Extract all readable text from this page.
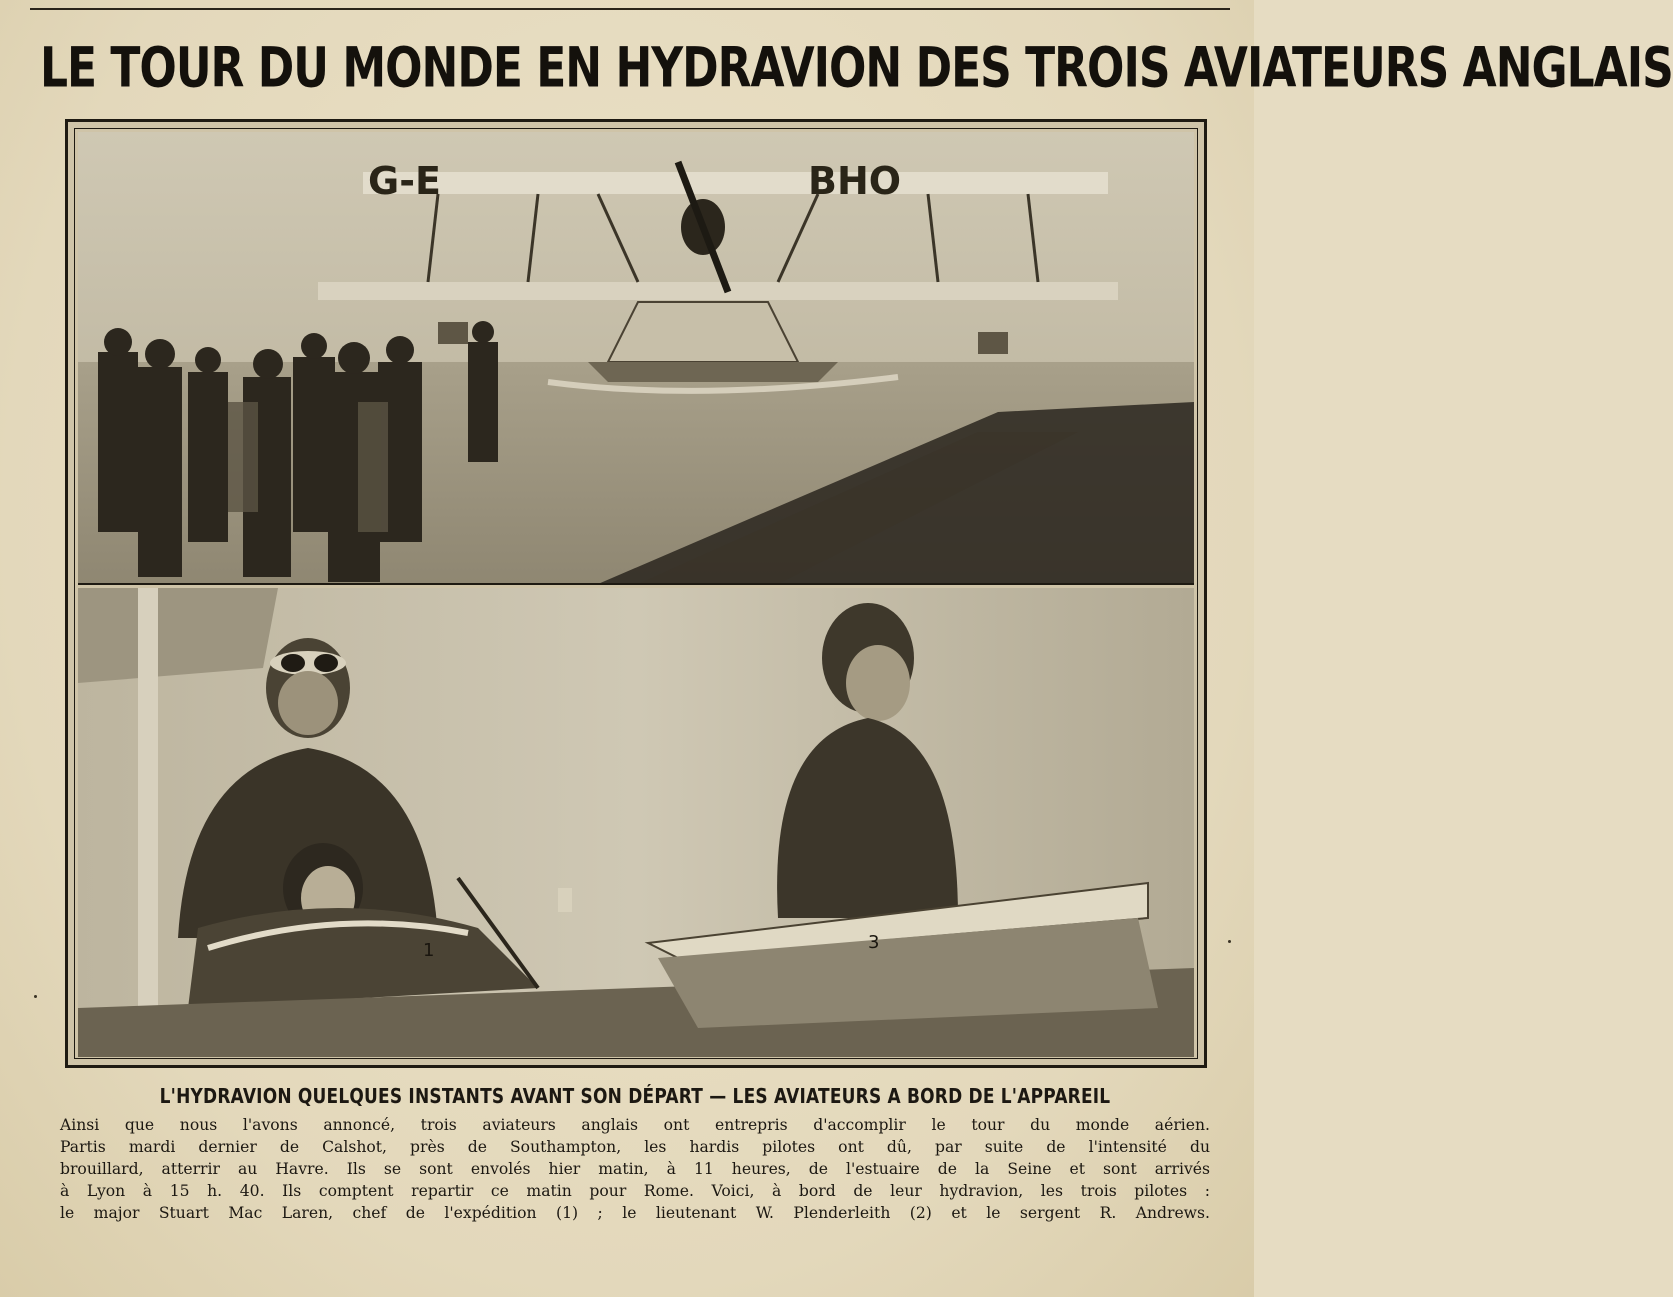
LE TOUR DU MONDE EN HYDRAVION DES TROIS AVIATEURS ANGLAIS
G-E	BHO
1	3
L'HYDRAVION QUELQUES INSTANTS AVANT SON DÉPART — LES AVIATEURS A BORD DE L'APPAREIL
Ainsi que nous l'avons annoncé, trois aviateurs anglais ont entrepris d'accomplir le tour du monde aérien.
Partis mardi dernier de Calshot, près de Southampton, les hardis pilotes ont dû, par suite de l'intensité du
brouillard, atterrir au Havre. Ils se sont envolés hier matin, à 11 heures, de l'estuaire de la Seine et sont arrivés
à Lyon à 15 h. 40. Ils comptent repartir ce matin pour Rome. Voici, à bord de leur hydravion, les trois pilotes :
le major Stuart Mac Laren, chef de l'expédition (1) ; le lieutenant W. Plenderleith (2) et le sergent R. Andrews.
